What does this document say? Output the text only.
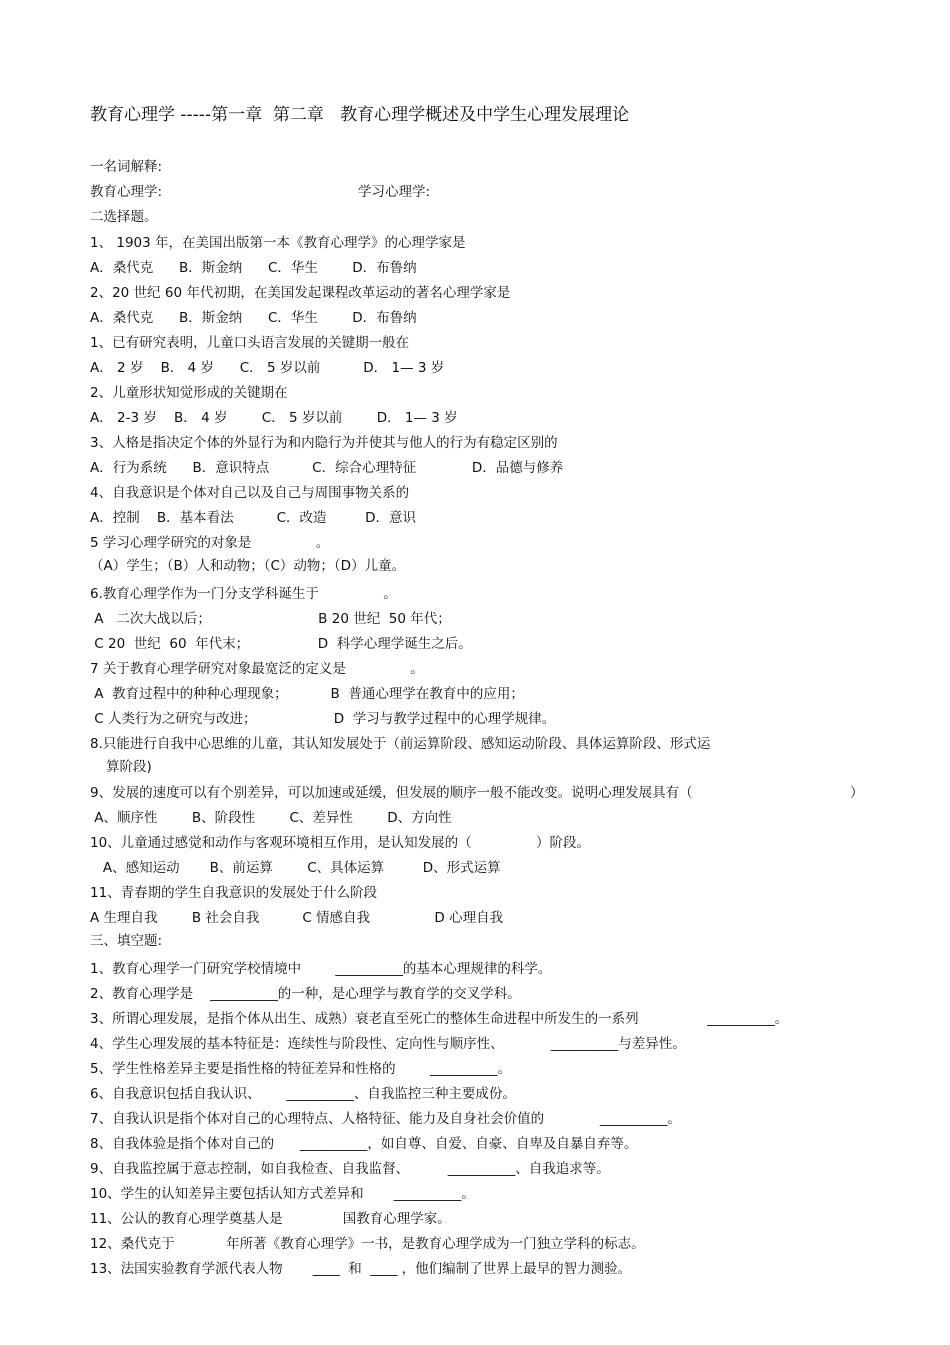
教育心理学 -----第一章  第二章   教育心理学概述及中学生心理发展理论
一名词解释:
教育心理学:	学习心理学:
二选择题。
1、 1903 年，在美国出版第一本《教育心理学》的心理学家是
A．桑代克      B．斯金纳      C．华生        D．布鲁纳
2、20 世纪 60 年代初期，在美国发起课程改革运动的著名心理学家是
A．桑代克      B．斯金纳      C．华生        D．布鲁纳
1、已有研究表明，儿童口头语言发展的关键期一般在
A． 2 岁    B． 4 岁      C． 5 岁以前          D． 1— 3 岁
2、儿童形状知觉形成的关键期在
A． 2-3 岁    B． 4 岁        C． 5 岁以前        D． 1— 3 岁
3、人格是指决定个体的外显行为和内隐行为并使其与他人的行为有稳定区别的
A．行为系统      B．意识特点          C．综合心理特征             D．品德与修养
4、自我意识是个体对自己以及自己与周围事物关系的
A．控制    B．基本看法          C．改造         D．意识
5 学习心理学研究的对象是               。
（A）学生；（B）人和动物；（C）动物；（D）儿童。
6.教育心理学作为一门分支学科诞生于               。
A   二次大战以后；                         B 20 世纪  50 年代；
C 20  世纪  60  年代末；                D  科学心理学诞生之后。
7 关于教育心理学研究对象最宽泛的定义是               。
A  教育过程中的种种心理现象；          B  普通心理学在教育中的应用；
C 人类行为之研究与改进；                  D  学习与教学过程中的心理学规律。
8.只能进行自我中心思维的儿童，其认知发展处于（前运算阶段、感知运动阶段、具体运算阶段、形式运
算阶段)
9、发展的速度可以有个别差异，可以加速或延缓，但发展的顺序一般不能改变。说明心理发展具有（	）
A、顺序性        B、阶段性        C、差异性        D、方向性
10、儿童通过感觉和动作与客观环境相互作用，是认知发展的（               ）阶段。
A、感知运动       B、前运算        C、具体运算         D、形式运算
11、青春期的学生自我意识的发展处于什么阶段
A 生理自我        B 社会自我          C 情感自我               D 心理自我
三、填空题:
1、教育心理学一门研究学校情境中        __________的基本心理规律的科学。
2、教育心理学是    __________的一种，是心理学与教育学的交叉学科。
3、所谓心理发展，是指个体从出生、成熟）衰老直至死亡的整体生命进程中所发生的一系列                __________。
4、学生心理发展的基本特征是：连续性与阶段性、定向性与顺序性、           __________与差异性。
5、学生性格差异主要是指性格的特征差异和性格的        __________。
6、自我意识包括自我认识、      __________、自我监控三种主要成份。
7、自我认识是指个体对自己的心理特点、人格特征、能力及自身社会价值的             __________。
8、自我体验是指个体对自己的      __________，如自尊、自爱、自豪、自卑及自暴自弃等。
9、自我监控属于意志控制，如自我检查、自我监督、         __________、自我追求等。
10、学生的认知差异主要包括认知方式差异和       __________。
11、公认的教育心理学奠基人是              国教育心理学家。
12、桑代克于            年所著《教育心理学》一书，是教育心理学成为一门独立学科的标志。
13、法国实验教育学派代表人物       ____  和  ____ ，他们编制了世界上最早的智力测验。
